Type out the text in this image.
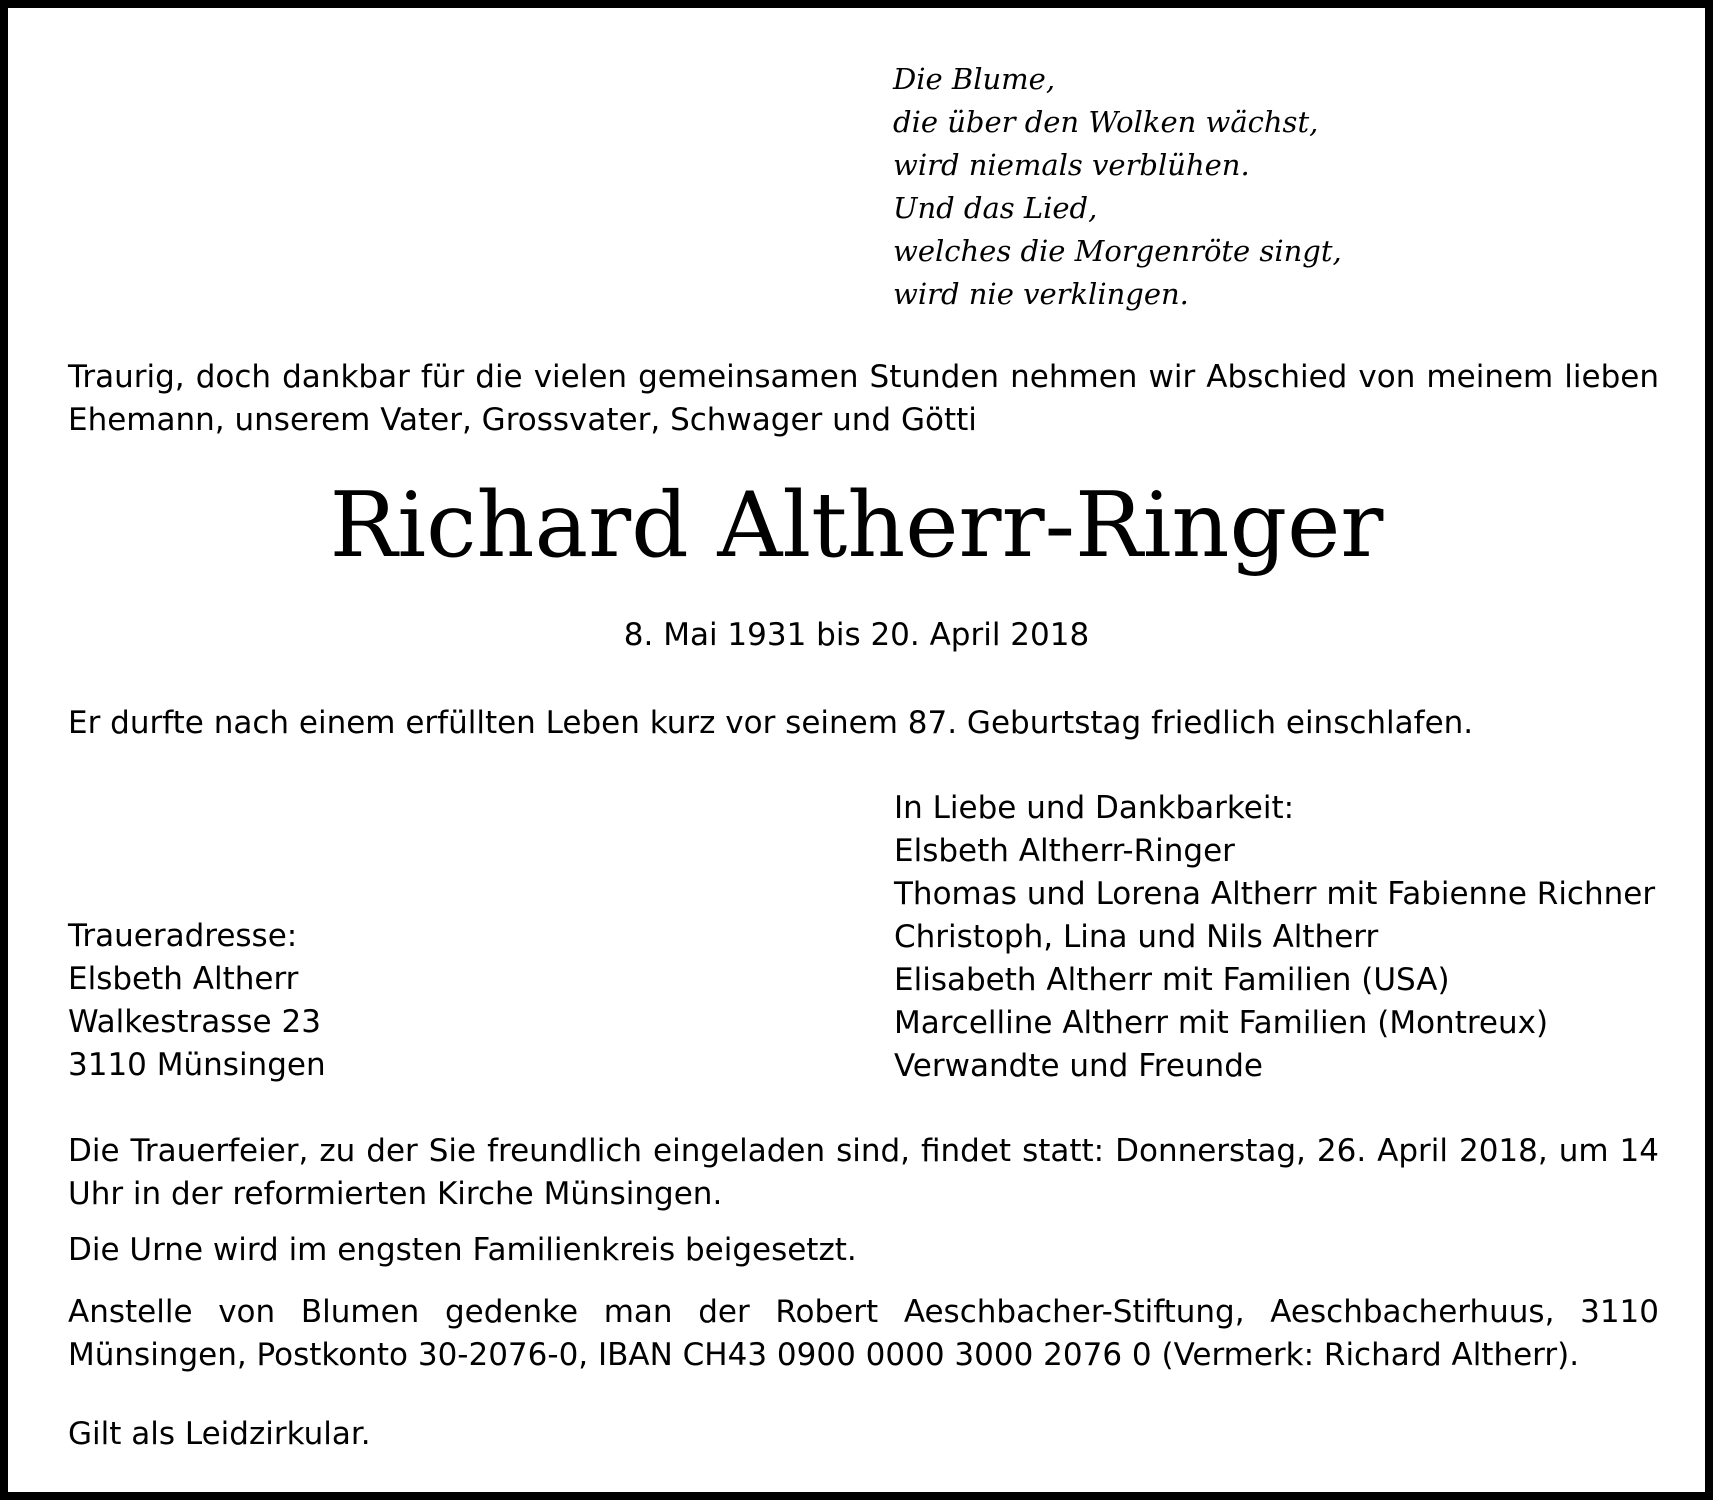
Die Blume,
die über den Wolken wächst,
wird niemals verblühen.
Und das Lied,
welches die Morgenröte singt,
wird nie verklingen.
Traurig, doch dankbar für die vielen gemeinsamen Stunden nehmen wir Abschied von meinem lieben Ehemann, unserem Vater, Grossvater, Schwager und Götti
Richard Altherr-Ringer
8. Mai 1931 bis 20. April 2018
Er durfte nach einem erfüllten Leben kurz vor seinem 87. Geburtstag friedlich einschlafen.
In Liebe und Dankbarkeit:
Elsbeth Altherr-Ringer
Thomas und Lorena Altherr mit Fabienne Richner
Christoph, Lina und Nils Altherr
Elisabeth Altherr mit Familien (USA)
Marcelline Altherr mit Familien (Montreux)
Verwandte und Freunde
Traueradresse:
Elsbeth Altherr
Walkestrasse 23
3110 Münsingen
Die Trauerfeier, zu der Sie freundlich eingeladen sind, findet statt: Donnerstag, 26. April 2018, um 14 Uhr in der reformierten Kirche Münsingen.
Die Urne wird im engsten Familienkreis beigesetzt.
Anstelle von Blumen gedenke man der Robert Aeschbacher-Stiftung, Aeschbacherhuus, 3110 Münsingen, Postkonto 30-2076-0, IBAN CH43 0900 0000 3000 2076 0 (Vermerk: Richard Altherr).
Gilt als Leidzirkular.
